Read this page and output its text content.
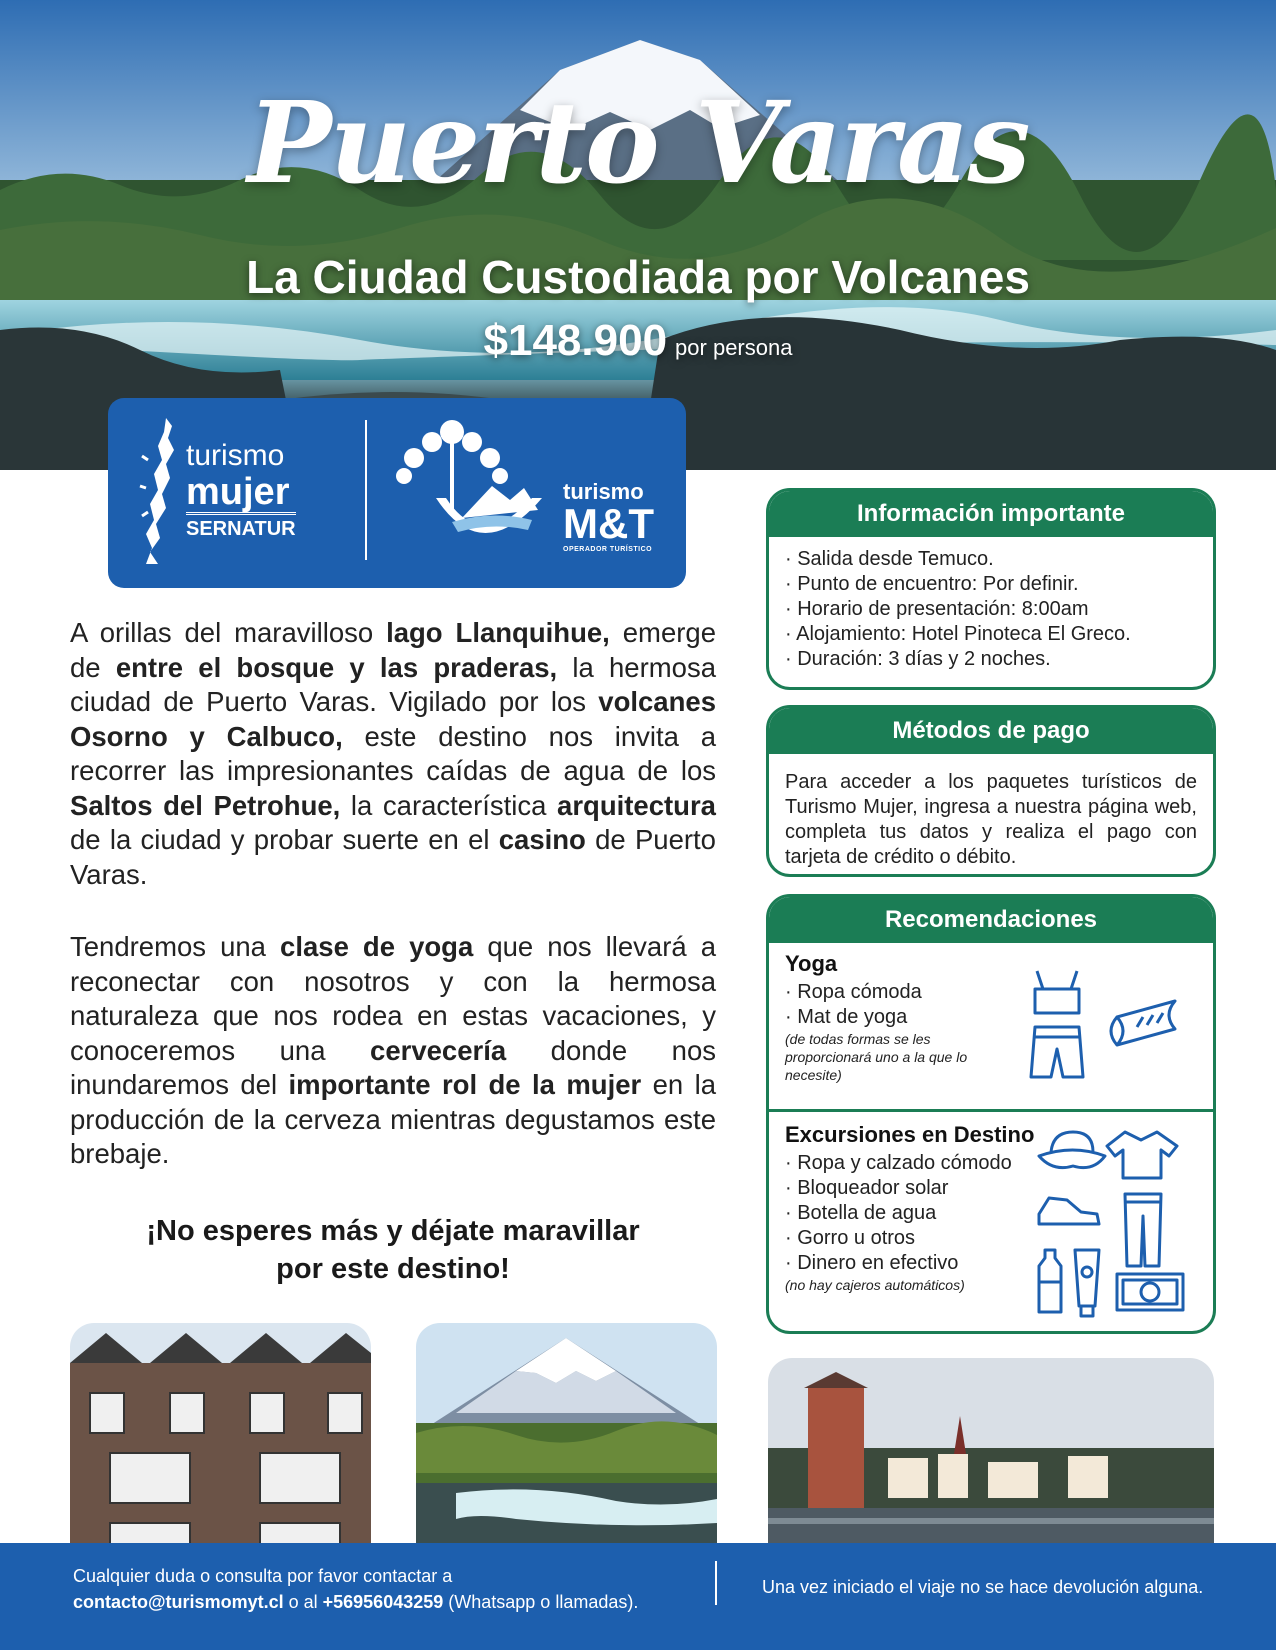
Puerto Varas
La Ciudad Custodiada por Volcanes
$148.900 por persona
turismo
mujer
SERNATUR
turismo
M&T
OPERADOR TURÍSTICO
A orillas del maravilloso lago Llanquihue, emerge de entre el bosque y las praderas, la hermosa ciudad de Puerto Varas. Vigilado por los volcanes Osorno y Calbuco, este destino nos invita a recorrer las impresionantes caídas de agua de los Saltos del Petrohue, la característica arquitectura de la ciudad y probar suerte en el casino de Puerto Varas.
Tendremos una clase de yoga que nos llevará a reconectar con nosotros y con la hermosa naturaleza que nos rodea en estas vacaciones, y conoceremos una cervecería donde nos inundaremos del importante rol de la mujer en la producción de la cerveza mientras degustamos este brebaje.
¡No esperes más y déjate maravillar
por este destino!
Información importante
· Salida desde Temuco.
· Punto de encuentro: Por definir.
· Horario de presentación: 8:00am
· Alojamiento: Hotel Pinoteca El Greco.
· Duración: 3 días y 2 noches.
Métodos de pago
Para acceder a los paquetes turísticos de Turismo Mujer, ingresa a nuestra página web, completa tus datos y realiza el pago con tarjeta de crédito o débito.
Recomendaciones
Yoga
· Ropa cómoda
· Mat de yoga
(de todas formas se les proporcionará uno a la que lo necesite)
Excursiones en Destino
· Ropa y calzado cómodo
· Bloqueador solar
· Botella de agua
· Gorro u otros
· Dinero en efectivo
(no hay cajeros automáticos)
Cualquier duda o consulta por favor contactar a
contacto@turismomyt.cl o al +56956043259 (Whatsapp o llamadas).
Una vez iniciado el viaje no se hace devolución alguna.
